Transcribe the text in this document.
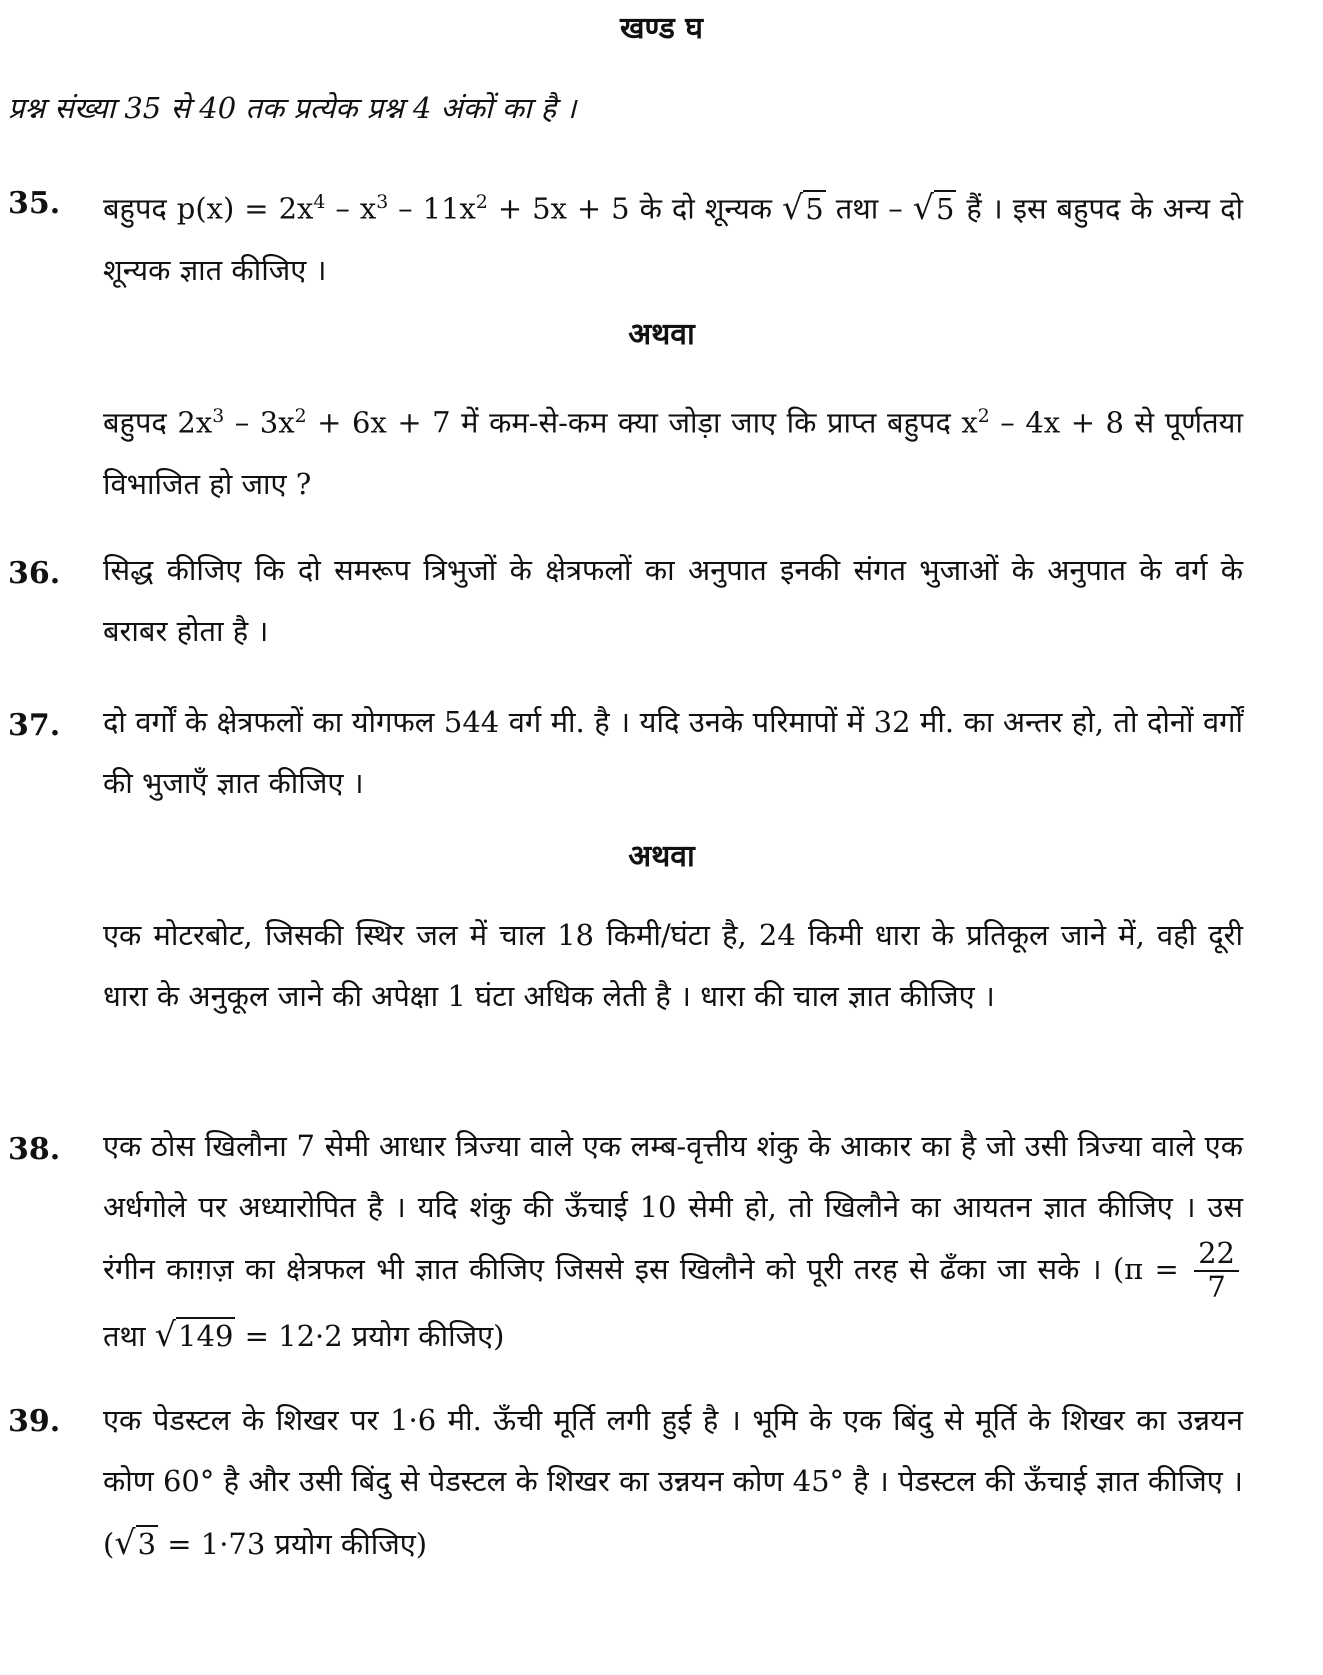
खण्ड घ
प्रश्न संख्या 35 से 40 तक प्रत्येक प्रश्न 4 अंकों का है ।
35. बहुपद $p(x) = 2x^4 - x^3 - 11x^2 + 5x + 5$ के दो शून्यक √5 तथा – √5 हैं । इस बहुपद के अन्य दो शून्यक ज्ञात कीजिए ।
अथवा
बहुपद $2x^3 - 3x^2 + 6x + 7$ में कम-से-कम क्या जोड़ा जाए कि प्राप्त बहुपद $x^2 - 4x + 8$ से पूर्णतया विभाजित हो जाए ?
36. सिद्ध कीजिए कि दो समरूप त्रिभुजों के क्षेत्रफलों का अनुपात इनकी संगत भुजाओं के अनुपात के वर्ग के बराबर होता है ।
37. दो वर्गों के क्षेत्रफलों का योगफल 544 वर्ग मी. है । यदि उनके परिमापों में 32 मी. का अन्तर हो, तो दोनों वर्गों की भुजाएँ ज्ञात कीजिए ।
अथवा
एक मोटरबोट, जिसकी स्थिर जल में चाल 18 किमी/घंटा है, 24 किमी धारा के प्रतिकूल जाने में, वही दूरी धारा के अनुकूल जाने की अपेक्षा 1 घंटा अधिक लेती है । धारा की चाल ज्ञात कीजिए ।
38. एक ठोस खिलौना 7 सेमी आधार त्रिज्या वाले एक लम्ब-वृत्तीय शंकु के आकार का है जो उसी त्रिज्या वाले एक अर्धगोले पर अध्यारोपित है । यदि शंकु की ऊँचाई 10 सेमी हो, तो खिलौने का आयतन ज्ञात कीजिए । उस रंगीन काग़ज़ का क्षेत्रफल भी ज्ञात कीजिए जिससे इस खिलौने को पूरी तरह से ढँका जा सके । ($\pi = \frac{22}{7}$
तथा √149 = 12·2 प्रयोग कीजिए)
39. एक पेडस्टल के शिखर पर 1·6 मी. ऊँची मूर्ति लगी हुई है । भूमि के एक बिंदु से मूर्ति के शिखर का उन्नयन कोण 60° है और उसी बिंदु से पेडस्टल के शिखर का उन्नयन कोण 45° है । पेडस्टल की ऊँचाई ज्ञात कीजिए । (√3 = 1·73 प्रयोग कीजिए)
